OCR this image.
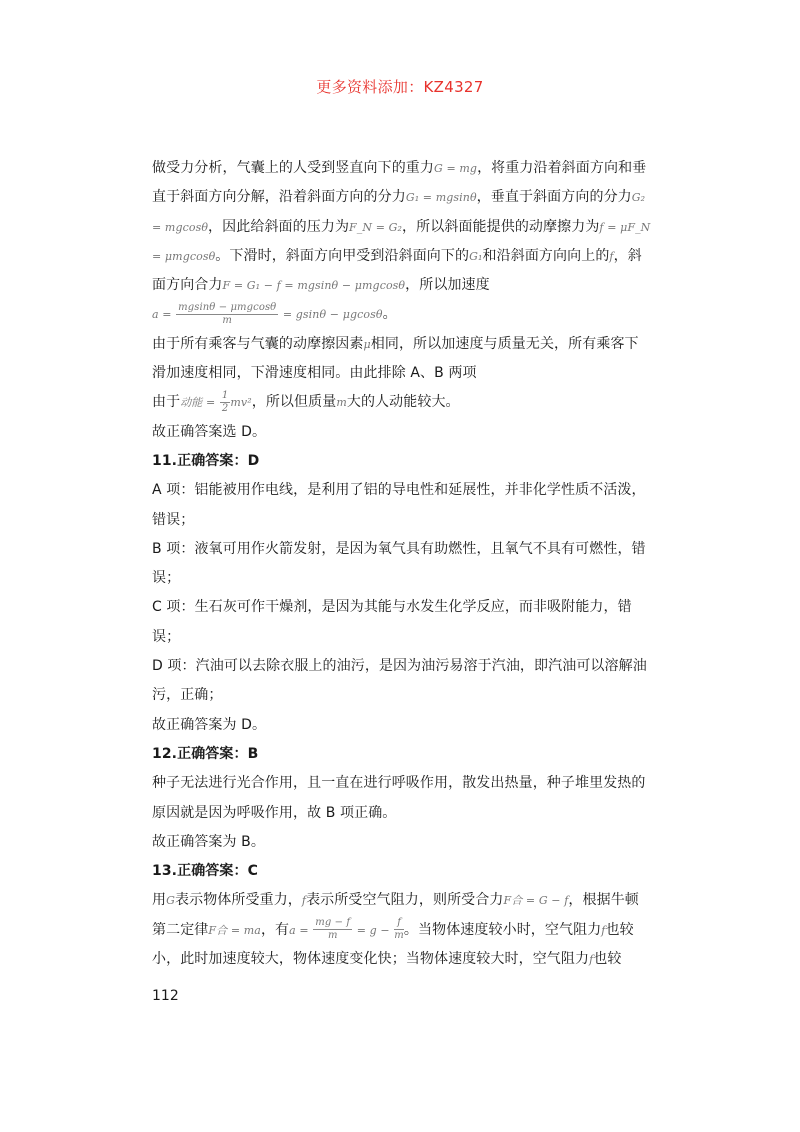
更多资料添加：KZ4327

做受力分析，气囊上的人受到竖直向下的重力G = mg，将重力沿着斜面方向和垂直于斜面方向分解，沿着斜面方向的分力G₁ = mgsinθ，垂直于斜面方向的分力G₂ = mgcosθ，因此给斜面的压力为F_N = G₂，所以斜面能提供的动摩擦力为f = μF_N = μmgcosθ。下滑时，斜面方向甲受到沿斜面向下的G₁和沿斜面方向向上的f，斜面方向合力F = G₁ − f = mgsinθ − μmgcosθ，所以加速度
$a = \frac{\text{mgsinθ − μmgcosθ}}{m} = gsin\theta - \mu gcos\theta$。

由于所有乘客与气囊的动摩擦因素μ相同，所以加速度与质量无关，所有乘客下滑加速度相同，下滑速度相同。由此排除 A、B 两项

由于动能 = $\frac{1}{2} mv^2$，所以但质量m大的人动能较大。

故正确答案选 D。

11.正确答案：D

A 项：铝能被用作电线，是利用了铝的导电性和延展性，并非化学性质不活泼，错误；

B 项：液氧可用作火箭发射，是因为氧气具有助燃性，且氧气不具有可燃性，错误；

C 项：生石灰可作干燥剂，是因为其能与水发生化学反应，而非吸附能力，错误；

D 项：汽油可以去除衣服上的油污，是因为油污易溶于汽油，即汽油可以溶解油污，正确；

故正确答案为 D。

12.正确答案：B

种子无法进行光合作用，且一直在进行呼吸作用，散发出热量，种子堆里发热的原因就是因为呼吸作用，故 B 项正确。

故正确答案为 B。

13.正确答案：C

用G表示物体所受重力，f表示所受空气阻力，则所受合力F合 = G − f，根据牛顿第二定律F合 = ma，有$a = \frac{mg - f}{m} = g - \frac{f}{m}$ 。当物体速度较小时，空气阻力f也较小，此时加速度较大，物体速度变化快；当物体速度较大时，空气阻力f也较

112
